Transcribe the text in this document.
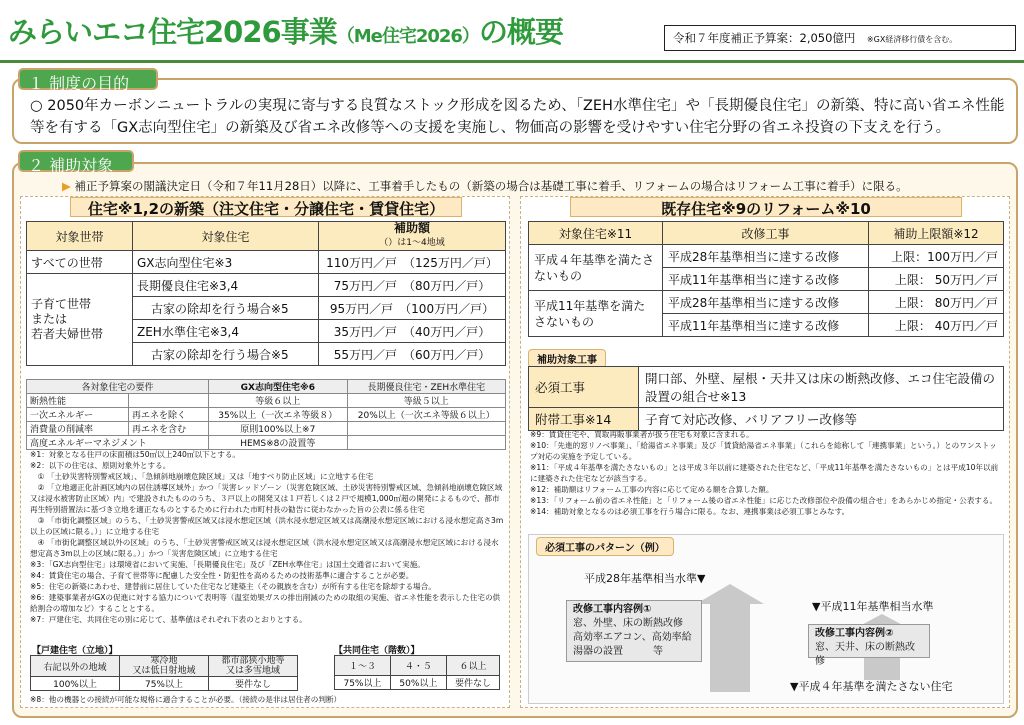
みらいエコ住宅2026事業（Me住宅2026）の概要	令和７年度補正予算案：2,050億円　 ※GX経済移行債を含む。
１ 制度の目的
○ 2050年カーボンニュートラルの実現に寄与する良質なストック形成を図るため、「ZEH水準住宅」や「長期優良住宅」の新築、特に高い省エネ性能等を有する「GX志向型住宅」の新築及び省エネ改修等への支援を実施し、物価高の影響を受けやすい住宅分野の省エネ投資の下支えを行う。
２ 補助対象
▶ 補正予算案の閣議決定日（令和７年11月28日）以降に、工事着手したもの（新築の場合は基礎工事に着手、リフォームの場合はリフォーム工事に着手）に限る。
住宅※1,2の新築（注文住宅・分譲住宅・賃貸住宅）
対象世帯	対象住宅	補助額
（）は1～4地域
すべての世帯	GX志向型住宅※3	110万円／戸　（125万円／戸）
子育て世帯
または
若者夫婦世帯	長期優良住宅※3,4	75万円／戸　（80万円／戸）
	古家の除却を行う場合※5	95万円／戸　（100万円／戸）
	ZEH水準住宅※3,4	35万円／戸　（40万円／戸）
	古家の除却を行う場合※5	55万円／戸　（60万円／戸）
各対象住宅の要件		GX志向型住宅※6	長期優良住宅・ZEH水準住宅
断熱性能		等級６以上	等級５以上
一次エネルギー	再エネを除く	35%以上（一次エネ等級８）	20%以上（一次エネ等級６以上）
消費量の削減率	再エネを含む	原則100%以上※7	
高度エネルギーマネジメント		HEMS※8の設置等	
※1：対象となる住戸の床面積は50㎡以上240㎡以下とする。
※2：以下の住宅は、原則対象外とする。
　① 「土砂災害特別警戒区域」、「急傾斜地崩壊危険区域」又は「地すべり防止区域」に立地する住宅
　② 「立地適正化計画区域内の居住誘導区域外」かつ「災害レッドゾーン（災害危険区域、土砂災害特別警戒区域、急傾斜地崩壊危険区域又は浸水被害防止区域）内」で建設されたもののうち、３戸以上の開発又は１戸若しくは２戸で規模1,000㎡超の開発によるもので、都市再生特別措置法に基づき立地を適正なものとするために行われた市町村長の勧告に従わなかった旨の公表に係る住宅
　③ 「市街化調整区域」のうち、「土砂災害警戒区域又は浸水想定区域（洪水浸水想定区域又は高潮浸水想定区域における浸水想定高さ3m以上の区域に限る。）」に立地する住宅
　④ 「市街化調整区域以外の区域」のうち、「土砂災害警戒区域又は浸水想定区域（洪水浸水想定区域又は高潮浸水想定区域における浸水想定高さ3m以上の区域に限る。）」かつ「災害危険区域」に立地する住宅
※3：「GX志向型住宅」は環境省において実施、「長期優良住宅」及び「ZEH水準住宅」は国土交通省において実施。
※4：賃貸住宅の場合、子育て世帯等に配慮した安全性・防犯性を高めるための技術基準に適合することが必要。
※5：住宅の新築にあわせ、建替前に居住していた住宅など建築主（その親族を含む）が所有する住宅を除却する場合。
※6：建築事業者がGXの促進に対する協力について表明等（温室効果ガスの排出削減のための取組の実施、省エネ性能を表示した住宅の供給割合の増加など）することとする。
※7：戸建住宅、共同住宅の別に応じて、基準値はそれぞれ下表のとおりとする。
【戸建住宅（立地）】
右記以外の地域	寒冷地
又は低日射地域	都市部狭小地等
又は多雪地域
100%以上	75%以上	要件なし
【共同住宅（階数）】
１～３	４・５	６以上
75%以上	50%以上	要件なし
※8：他の機器との接続が可能な規格に適合することが必要。（接続の是非は居住者の判断）
既存住宅※9のリフォーム※10
対象住宅※11	改修工事	補助上限額※12
平成４年基準を満たさないもの	平成28年基準相当に達する改修	上限：100万円／戸
	平成11年基準相当に達する改修	上限： 50万円／戸
平成11年基準を満たさないもの	平成28年基準相当に達する改修	上限： 80万円／戸
	平成11年基準相当に達する改修	上限： 40万円／戸
補助対象工事
必須工事	開口部、外壁、屋根・天井又は床の断熱改修、エコ住宅設備の設置の組合せ※13
附帯工事※14	子育て対応改修、バリアフリー改修等
※9：賃貸住宅や、買取再販事業者が扱う住宅も対象に含まれる。
※10：「先進的窓リノベ事業」、「給湯省エネ事業」及び「賃貸給湯省エネ事業」（これらを総称して「連携事業」という。）とのワンストップ対応の実施を予定している。
※11：「平成４年基準を満たさないもの」とは平成３年以前に建築された住宅など、「平成11年基準を満たさないもの」とは平成10年以前に建築された住宅などが該当する。
※12：補助額はリフォーム工事の内容に応じて定める額を合算した額。
※13：「リフォーム前の省エネ性能」と「リフォーム後の省エネ性能」に応じた改修部位や設備の組合せ」をあらかじめ指定・公表する。
※14：補助対象となるのは必須工事を行う場合に限る。なお、連携事業は必須工事とみなす。
必須工事のパターン（例）
平成28年基準相当水準▼
▼平成11年基準相当水準
▼平成４年基準を満たさない住宅
改修工事内容例①
窓、外壁、床の断熱改修
高効率エアコン、高効率給
湯器の設置　　　等
改修工事内容例②
窓、天井、床の断熱改修
